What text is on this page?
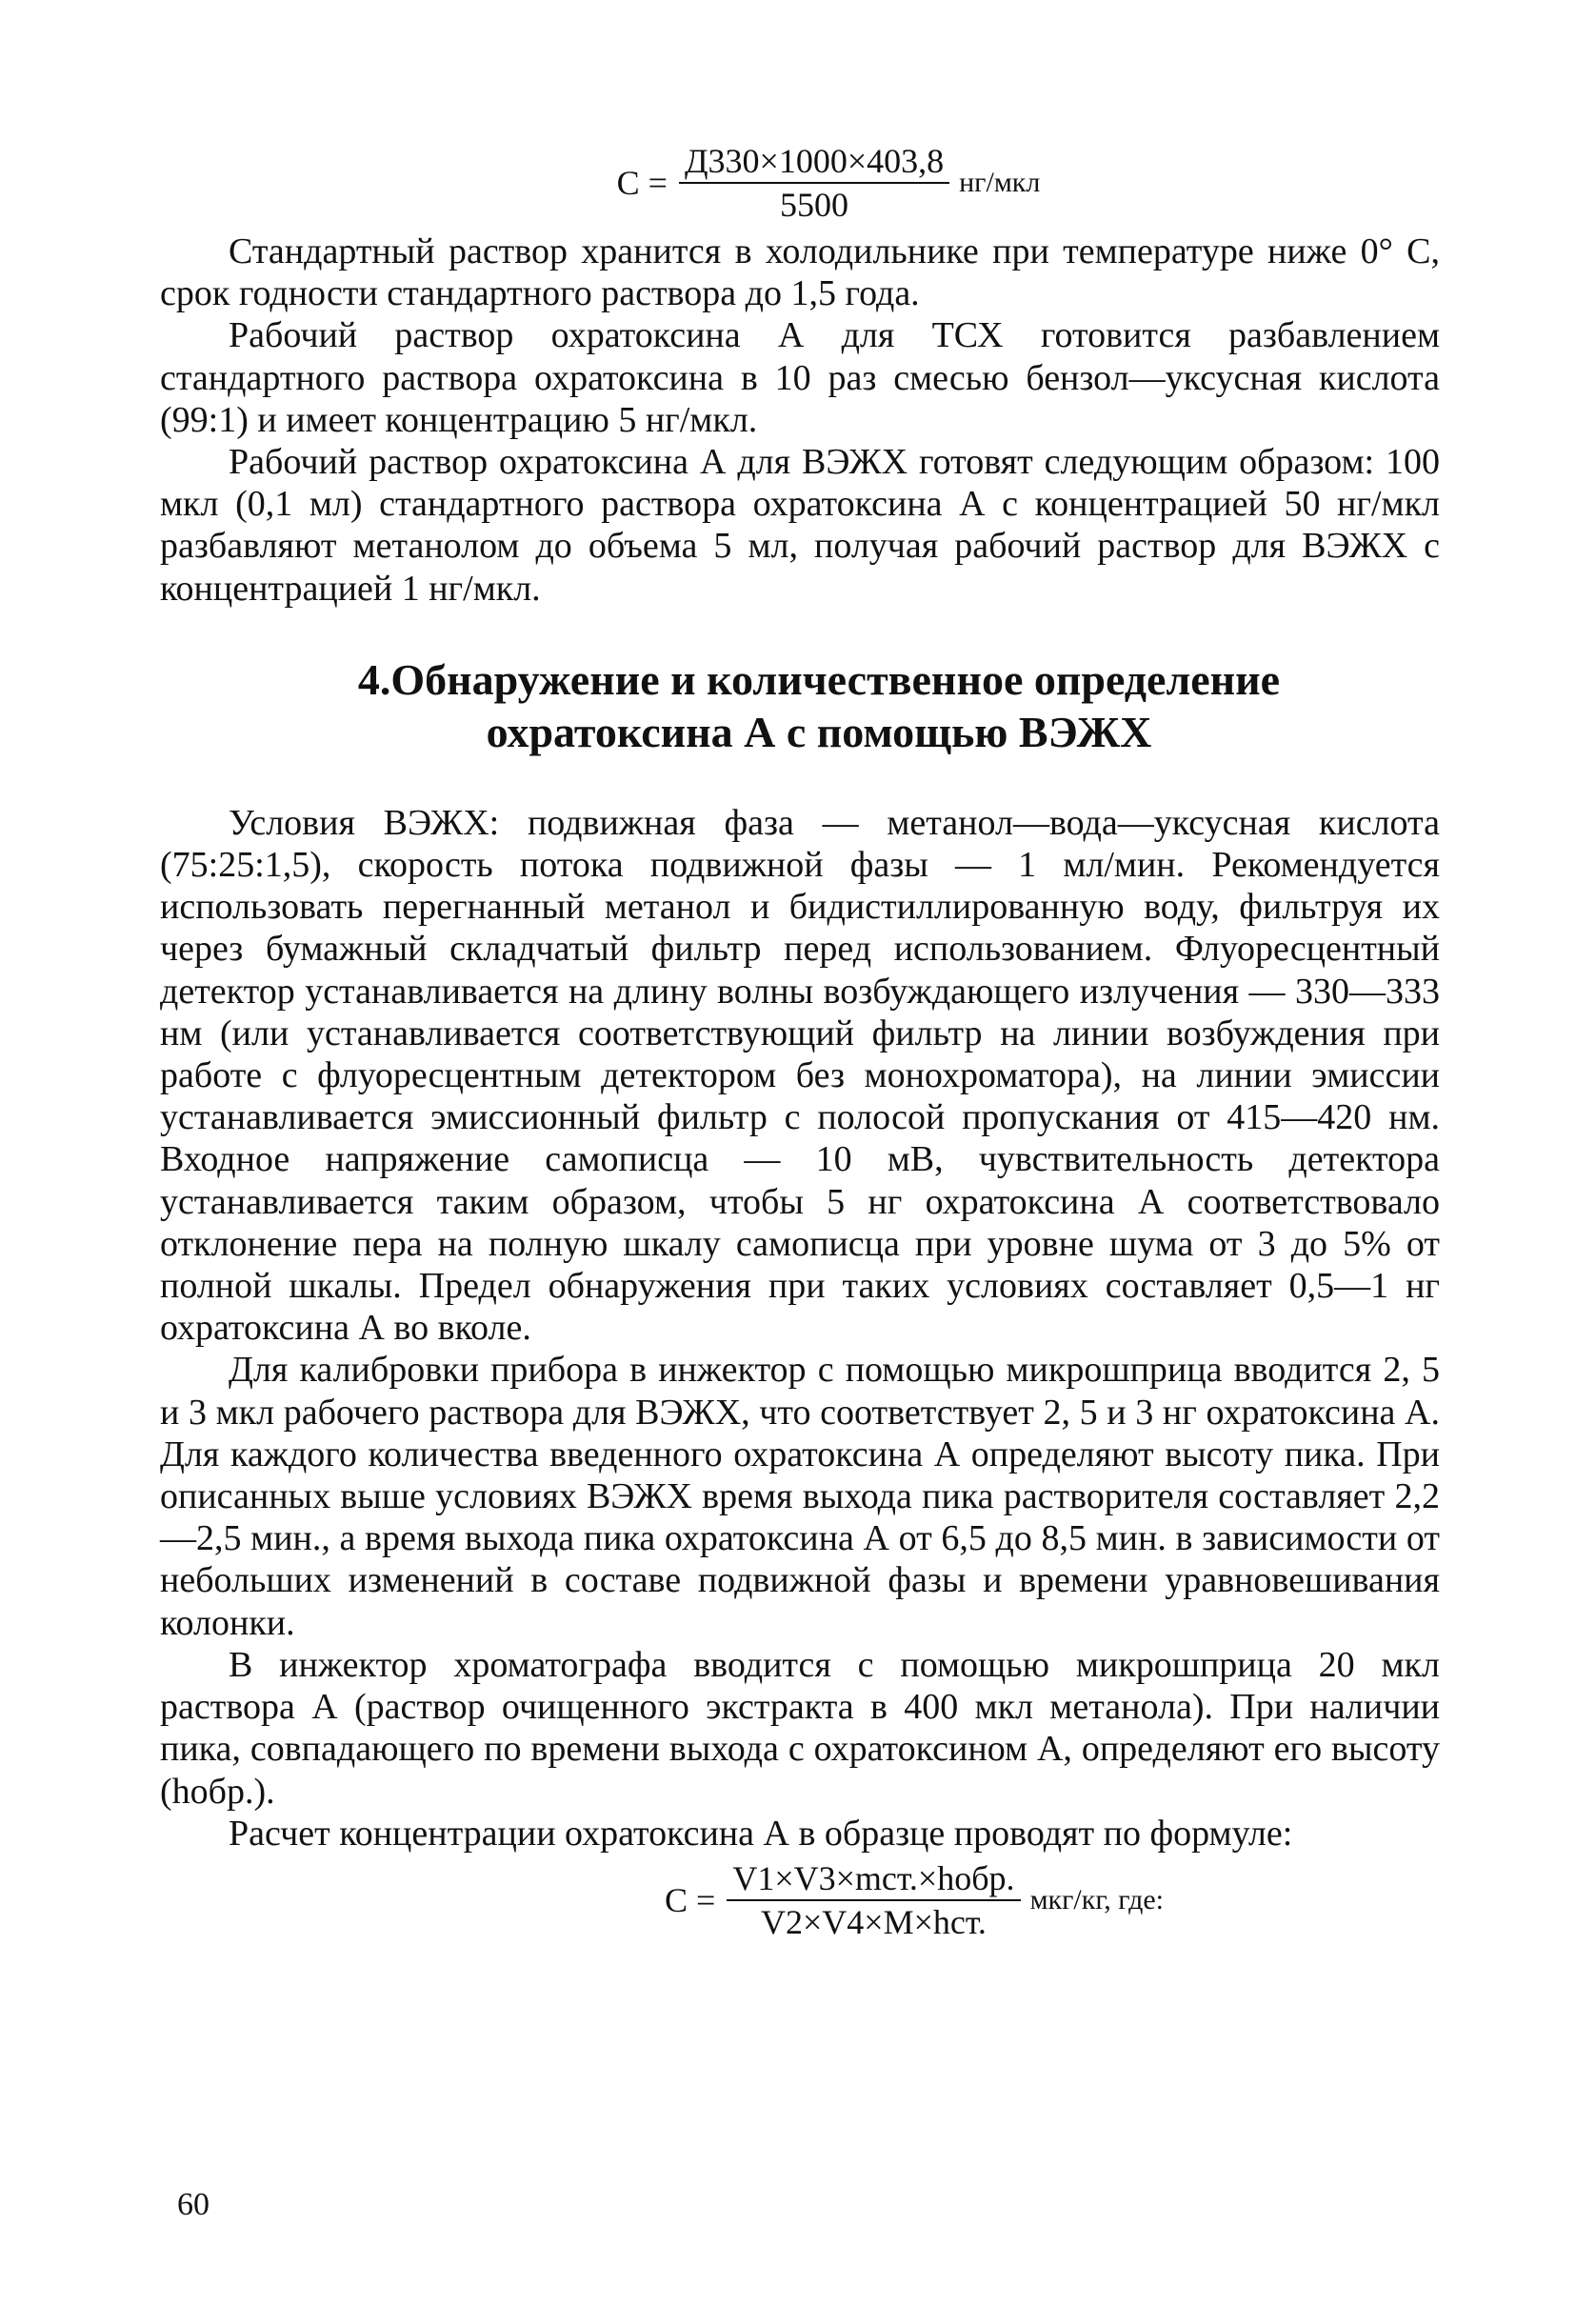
$С = \frac{Д330\times 1000\times 403,8}{5500} нг/мкл$

Стандартный раствор хранится в холодильнике при температуре ниже 0° С, срок годности стандартного раствора до 1,5 года.

Рабочий раствор охратоксина А для ТСХ готовится разбавлением стандартного раствора охратоксина в 10 раз смесью бензол—уксусная кислота (99:1) и имеет концентрацию 5 нг/мкл.

Рабочий раствор охратоксина А для ВЭЖХ готовят следующим образом: 100 мкл (0,1 мл) стандартного раствора охратоксина А с концентрацией 50 нг/мкл разбавляют метанолом до объема 5 мл, получая рабочий раствор для ВЭЖХ с концентрацией 1 нг/мкл.

4.Обнаружение и количественное определение
охратоксина А с помощью ВЭЖХ

Условия ВЭЖХ: подвижная фаза — метанол—вода—уксусная кислота (75:25:1,5), скорость потока подвижной фазы — 1 мл/мин. Рекомендуется использовать перегнанный метанол и бидистиллированную воду, фильтруя их через бумажный складчатый фильтр перед использованием. Флуоресцентный детектор устанавливается на длину волны возбуждающего излучения — 330—333 нм (или устанавливается соответствующий фильтр на линии возбуждения при работе с флуоресцентным детектором без монохроматора), на линии эмиссии устанавливается эмиссионный фильтр с полосой пропускания от 415—420 нм. Входное напряжение самописца — 10 мВ, чувствительность детектора устанавливается таким образом, чтобы 5 нг охратоксина А соответствовало отклонение пера на полную шкалу самописца при уровне шума от 3 до 5% от полной шкалы. Предел обнаружения при таких условиях составляет 0,5—1 нг охратоксина А во вколе.

Для калибровки прибора в инжектор с помощью микрошприца вводится 2, 5 и 3 мкл рабочего раствора для ВЭЖХ, что соответствует 2, 5 и 3 нг охратоксина А. Для каждого количества введенного охратоксина А определяют высоту пика. При описанных выше условиях ВЭЖХ время выхода пика растворителя составляет 2,2—2,5 мин., а время выхода пика охратоксина А от 6,5 до 8,5 мин. в зависимости от небольших изменений в составе подвижной фазы и времени уравновешивания колонки.

В инжектор хроматографа вводится с помощью микрошприца 20 мкл раствора А (раствор очищенного экстракта в 400 мкл метанола). При наличии пика, совпадающего по времени выхода с охратоксином А, определяют его высоту (hобр.).

Расчет концентрации охратоксина А в образце проводят по формуле:

$С = \frac{\text{V1×V3×mст.×hобр.}}{\text{V2×V4×M×hст.}} мкг/кг$, где:
60
